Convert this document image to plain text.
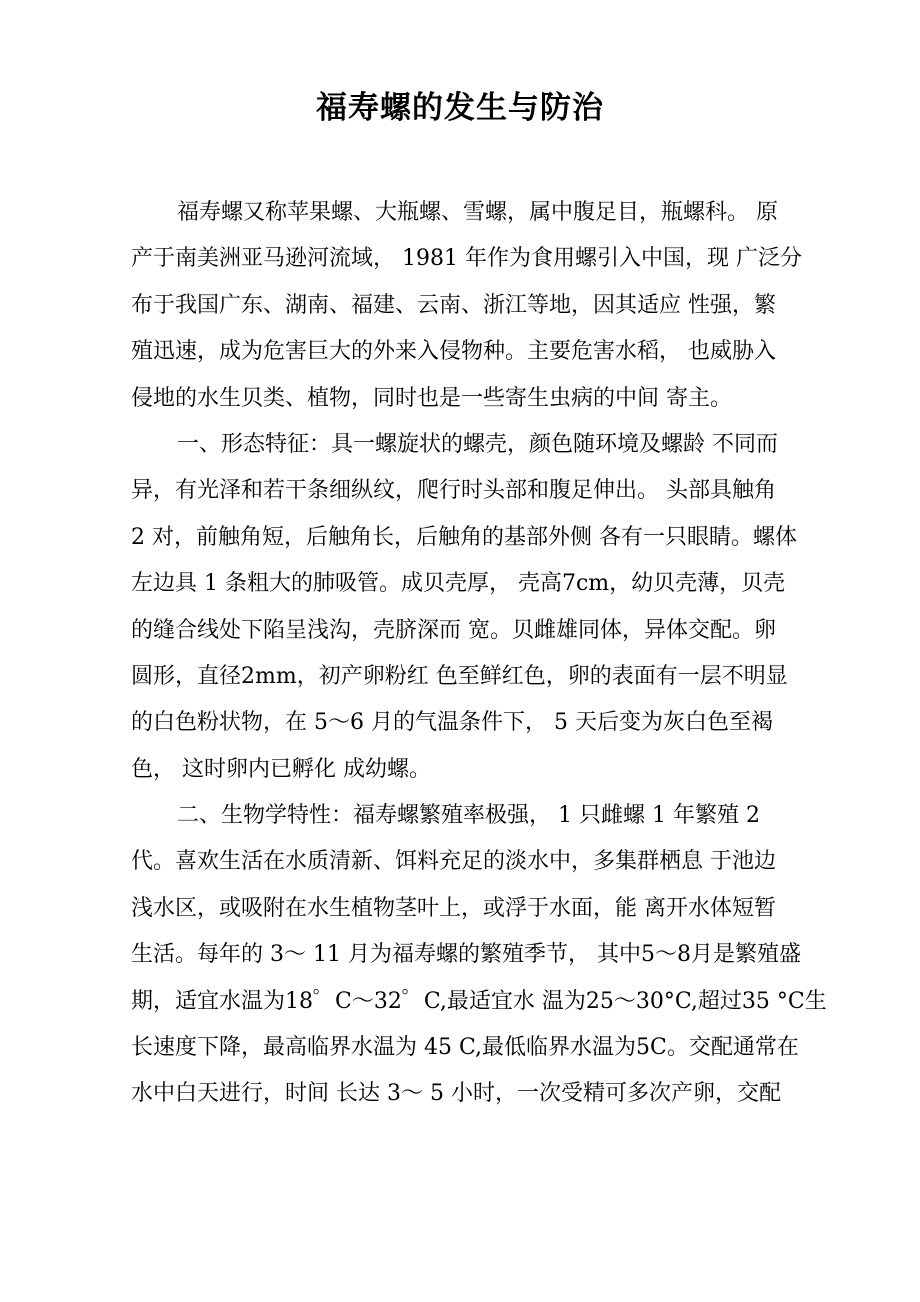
福寿螺的发生与防治

福寿螺又称苹果螺、大瓶螺、雪螺，属中腹足目，瓶螺科。 原
产于南美洲亚马逊河流域， 1981 年作为食用螺引入中国，现 广泛分
布于我国广东、湖南、福建、云南、浙江等地，因其适应 性强，繁
殖迅速，成为危害巨大的外来入侵物种。主要危害水稻， 也威胁入
侵地的水生贝类、植物，同时也是一些寄生虫病的中间 寄主。

一、形态特征：具一螺旋状的螺壳，颜色随环境及螺龄 不同而
异，有光泽和若干条细纵纹，爬行时头部和腹足伸出。 头部具触角
2 对，前触角短，后触角长，后触角的基部外侧 各有一只眼睛。螺体
左边具 1 条粗大的肺吸管。成贝壳厚， 壳高7cm，幼贝壳薄，贝壳
的缝合线处下陷呈浅沟，壳脐深而 宽。贝雌雄同体，异体交配。卵
圆形，直径2mm，初产卵粉红 色至鲜红色，卵的表面有一层不明显
的白色粉状物，在 5～6 月的气温条件下， 5 天后变为灰白色至褐
色， 这时卵内已孵化 成幼螺。

二、生物学特性：福寿螺繁殖率极强， 1 只雌螺 1 年繁殖 2
代。喜欢生活在水质清新、饵料充足的淡水中，多集群栖息 于池边
浅水区，或吸附在水生植物茎叶上，或浮于水面，能 离开水体短暂
生活。每年的 3～ 11 月为福寿螺的繁殖季节， 其中5～8月是繁殖盛
期，适宜水温为18゜C～32゜C,最适宜水 温为25～30°C,超过35 °C生
长速度下降，最高临界水温为 45 C,最低临界水温为5C。交配通常在
水中白天进行，时间 长达 3～ 5 小时，一次受精可多次产卵，交配
